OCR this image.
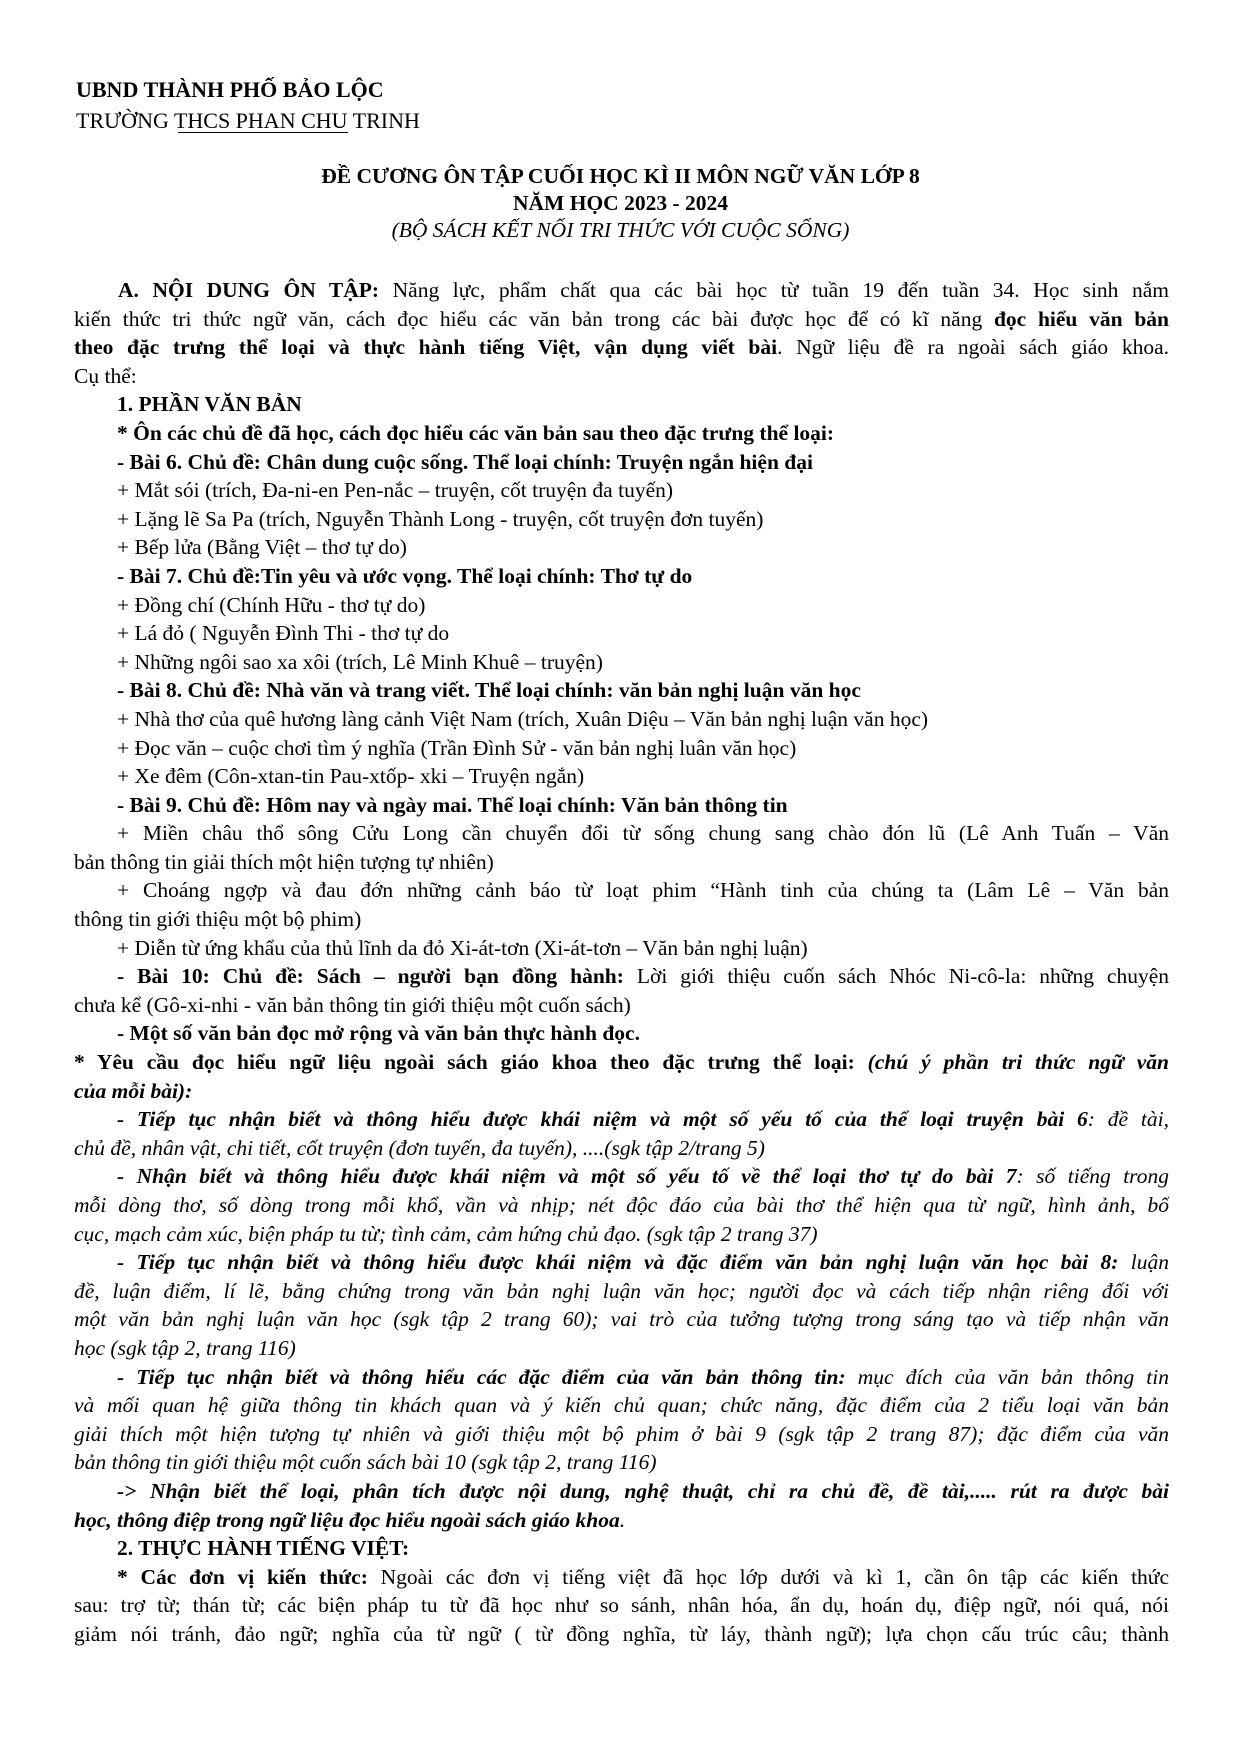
UBND THÀNH PHỐ BẢO LỘC
TRƯỜNG THCS PHAN CHU TRINH
ĐỀ CƯƠNG ÔN TẬP CUỐI HỌC KÌ II MÔN NGỮ VĂN LỚP 8
NĂM HỌC 2023 - 2024
(BỘ SÁCH KẾT NỐI TRI THỨC VỚI CUỘC SỐNG)
A. NỘI DUNG ÔN TẬP: Năng lực, phẩm chất qua các bài học từ tuần 19 đến tuần 34. Học sinh nắm
kiến thức tri thức ngữ văn, cách đọc hiểu các văn bản trong các bài được học để có kĩ năng đọc hiểu văn bản
theo đặc trưng thể loại và thực hành tiếng Việt, vận dụng viết bài. Ngữ liệu đề ra ngoài sách giáo khoa.
Cụ thể:
1. PHẦN VĂN BẢN
* Ôn các chủ đề đã học, cách đọc hiểu các văn bản sau theo đặc trưng thể loại:
- Bài 6. Chủ đề: Chân dung cuộc sống. Thể loại chính: Truyện ngắn hiện đại
+ Mắt sói (trích, Đa-ni-en Pen-nắc – truyện, cốt truyện đa tuyến)
+ Lặng lẽ Sa Pa (trích, Nguyễn Thành Long - truyện, cốt truyện đơn tuyến)
+ Bếp lửa (Bằng Việt – thơ tự do)
- Bài 7. Chủ đề:Tin yêu và ước vọng. Thể loại chính: Thơ tự do
+ Đồng chí (Chính Hữu - thơ tự do)
+ Lá đỏ ( Nguyễn Đình Thi - thơ tự do
+ Những ngôi sao xa xôi (trích, Lê Minh Khuê – truyện)
- Bài 8. Chủ đề: Nhà văn và trang viết. Thể loại chính: văn bản nghị luận văn học
+ Nhà thơ của quê hương làng cảnh Việt Nam (trích, Xuân Diệu – Văn bản nghị luận văn học)
+ Đọc văn – cuộc chơi tìm ý nghĩa (Trần Đình Sử - văn bản nghị luân văn học)
+ Xe đêm (Côn-xtan-tin Pau-xtốp- xki – Truyện ngắn)
- Bài 9. Chủ đề: Hôm nay và ngày mai. Thể loại chính: Văn bản thông tin
+ Miền châu thổ sông Cửu Long cần chuyển đổi từ sống chung sang chào đón lũ (Lê Anh Tuấn – Văn
bản thông tin giải thích một hiện tượng tự nhiên)
+ Choáng ngợp và đau đớn những cảnh báo từ loạt phim “Hành tinh của chúng ta (Lâm Lê – Văn bản
thông tin giới thiệu một bộ phim)
+ Diễn từ ứng khẩu của thủ lĩnh da đỏ Xi-át-tơn (Xi-át-tơn – Văn bản nghị luận)
- Bài 10: Chủ đề: Sách – người bạn đồng hành: Lời giới thiệu cuốn sách Nhóc Ni-cô-la: những chuyện
chưa kể (Gô-xi-nhi - văn bản thông tin giới thiệu một cuốn sách)
- Một số văn bản đọc mở rộng và văn bản thực hành đọc.
* Yêu cầu đọc hiểu ngữ liệu ngoài sách giáo khoa theo đặc trưng thể loại: (chú ý phần tri thức ngữ văn
của mỗi bài):
- Tiếp tục nhận biết và thông hiểu được khái niệm và một số yếu tố của thể loại truyện bài 6: đề tài,
chủ đề, nhân vật, chi tiết, cốt truyện (đơn tuyến, đa tuyến), ....(sgk tập 2/trang 5)
- Nhận biết và thông hiểu được khái niệm và một số yếu tố về thể loại thơ tự do bài 7: số tiếng trong
mỗi dòng thơ, số dòng trong mỗi khổ, vần và nhịp; nét độc đáo của bài thơ thể hiện qua từ ngữ, hình ảnh, bố
cục, mạch cảm xúc, biện pháp tu từ; tình cảm, cảm hứng chủ đạo. (sgk tập 2 trang 37)
- Tiếp tục nhận biết và thông hiểu được khái niệm và đặc điểm văn bản nghị luận văn học bài 8: luận
đề, luận điểm, lí lẽ, bằng chứng trong văn bản nghị luận văn học; người đọc và cách tiếp nhận riêng đối với
một văn bản nghị luận văn học (sgk tập 2 trang 60); vai trò của tưởng tượng trong sáng tạo và tiếp nhận văn
học (sgk tập 2, trang 116)
- Tiếp tục nhận biết và thông hiểu các đặc điểm của văn bản thông tin: mục đích của văn bản thông tin
và mối quan hệ giữa thông tin khách quan và ý kiến chủ quan; chức năng, đặc điểm của 2 tiểu loại văn bản
giải thích một hiện tượng tự nhiên và giới thiệu một bộ phim ở bài 9 (sgk tập 2 trang 87); đặc điểm của văn
bản thông tin giới thiệu một cuốn sách bài 10 (sgk tập 2, trang 116)
-> Nhận biết thể loại, phân tích được nội dung, nghệ thuật, chỉ ra chủ đề, đề tài,..... rút ra được bài
học, thông điệp trong ngữ liệu đọc hiểu ngoài sách giáo khoa.
2. THỰC HÀNH TIẾNG VIỆT:
* Các đơn vị kiến thức: Ngoài các đơn vị tiếng việt đã học lớp dưới và kì 1, cần ôn tập các kiến thức
sau: trợ từ; thán từ; các biện pháp tu từ đã học như so sánh, nhân hóa, ẩn dụ, hoán dụ, điệp ngữ, nói quá, nói
giảm nói tránh, đảo ngữ; nghĩa của từ ngữ ( từ đồng nghĩa, từ láy, thành ngữ); lựa chọn cấu trúc câu; thành
